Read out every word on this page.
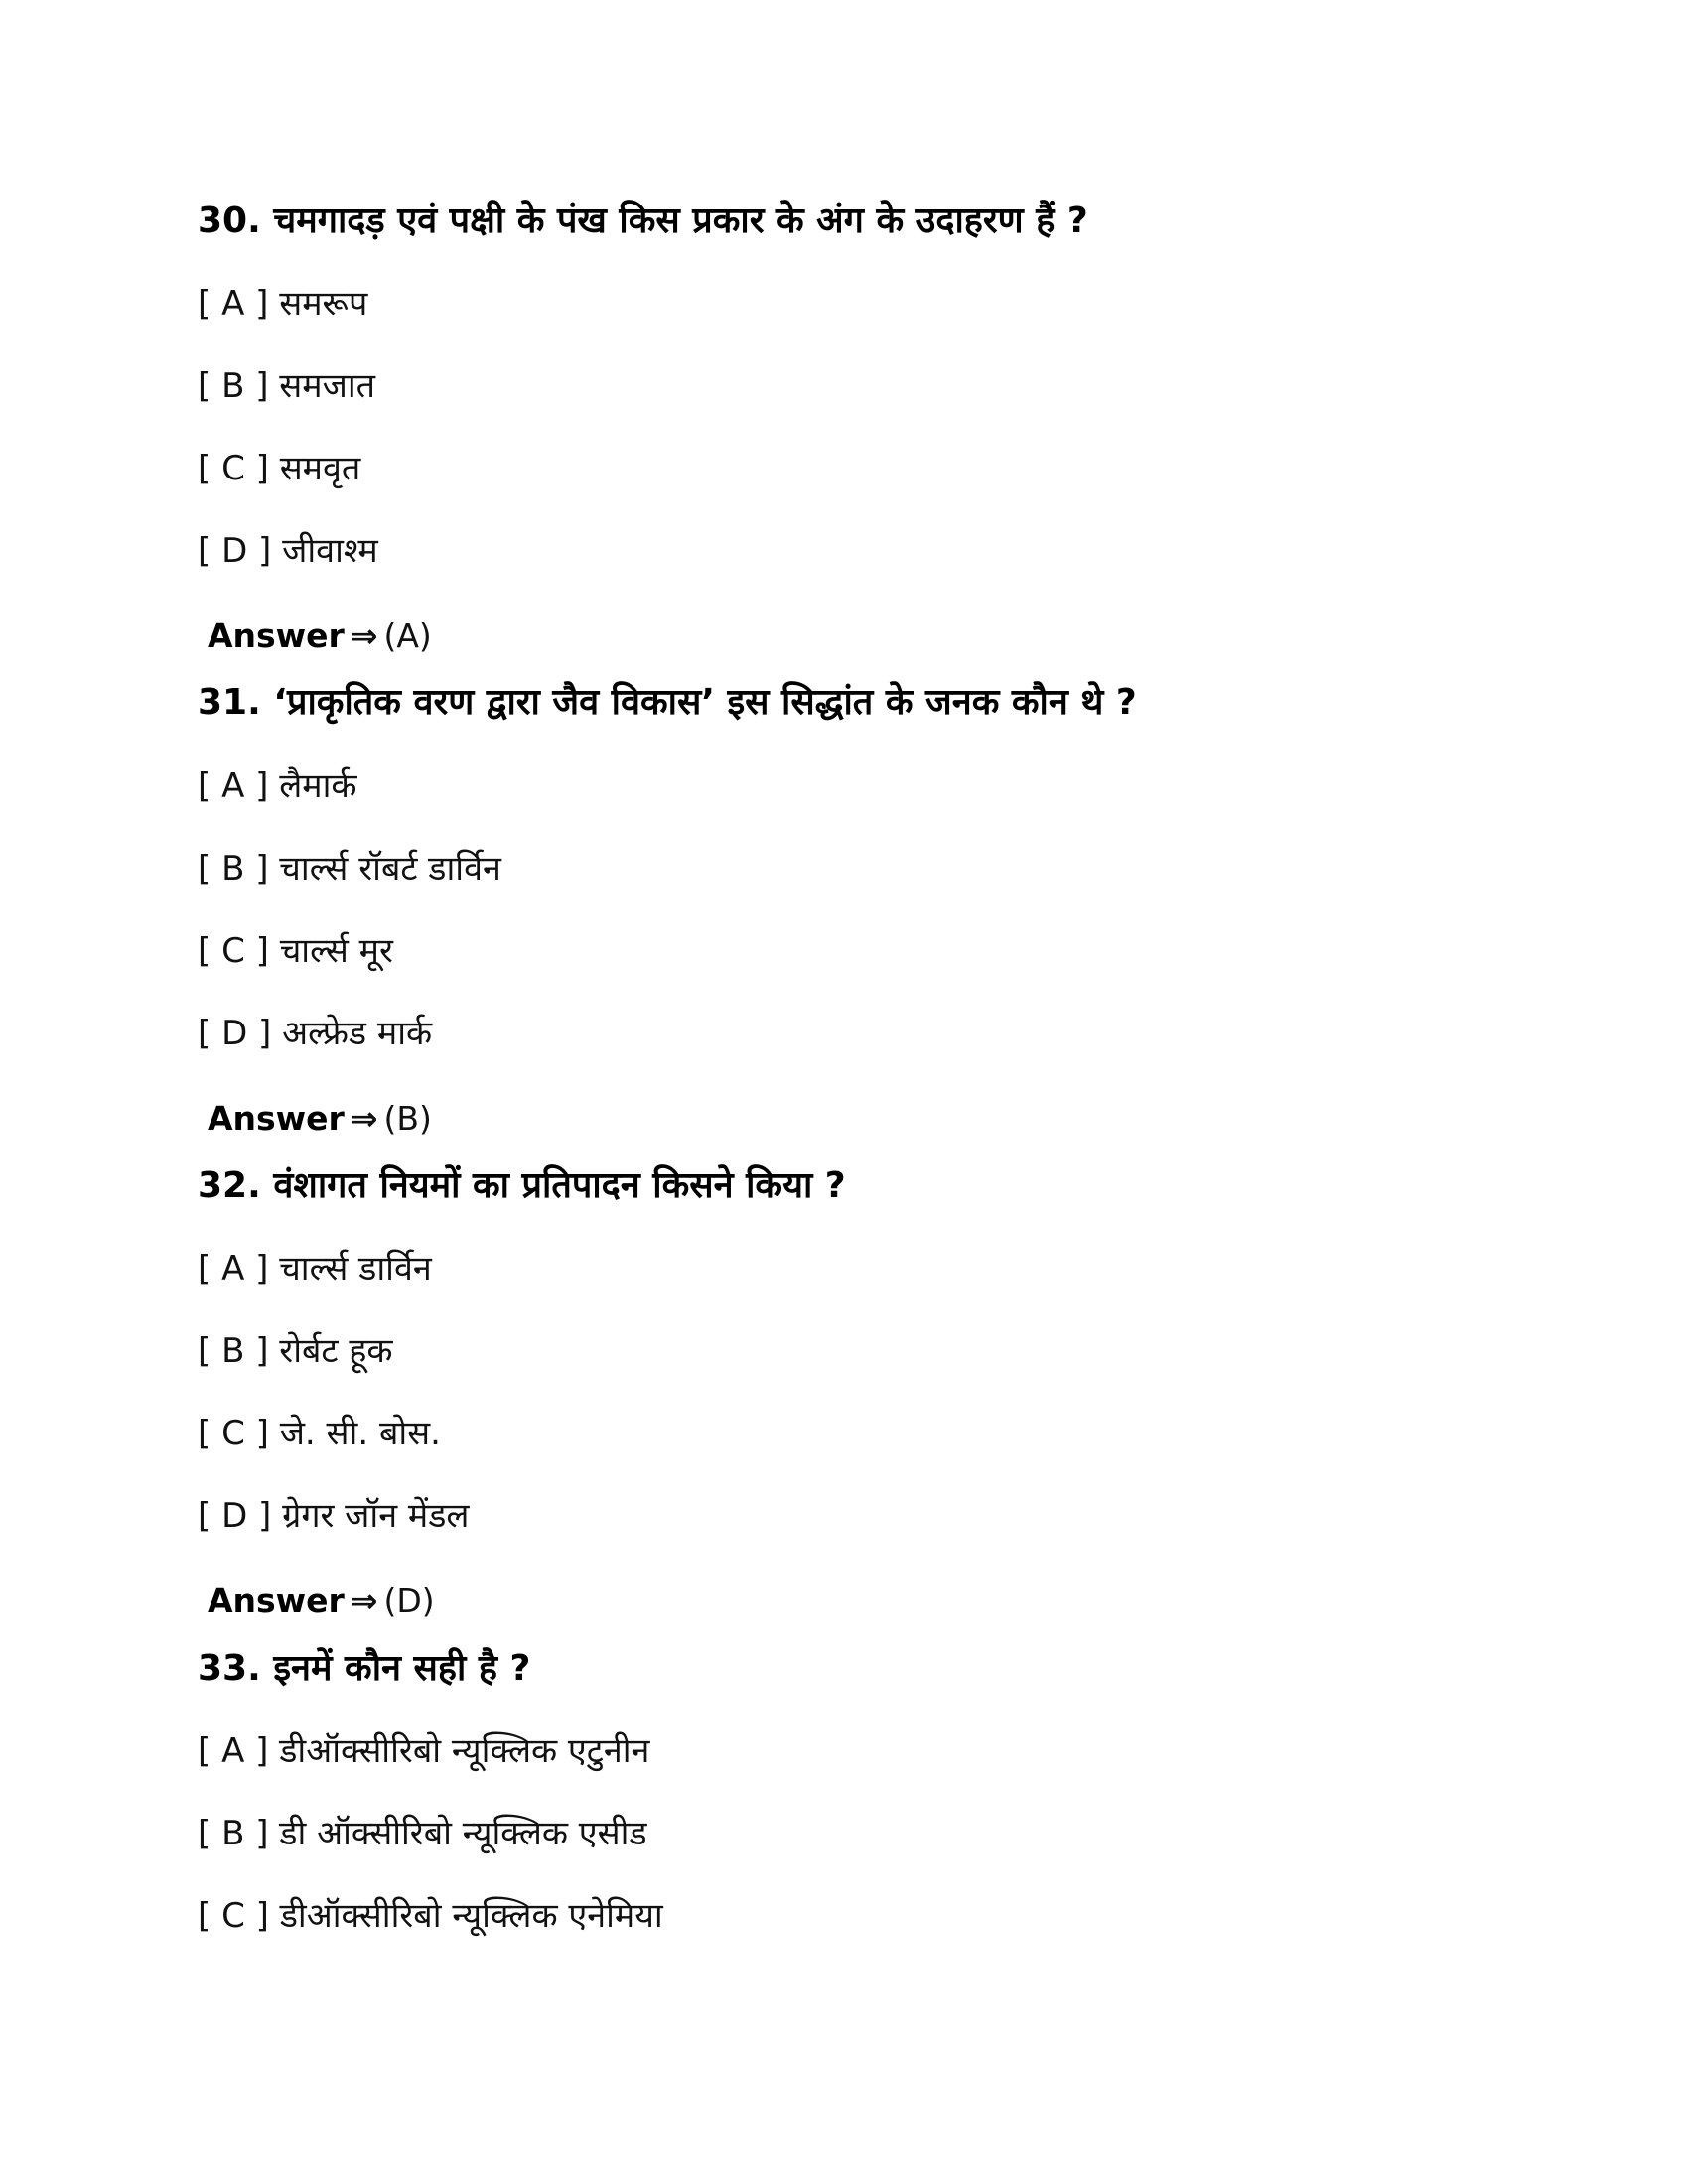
30. चमगादड़ एवं पक्षी के पंख किस प्रकार के अंग के उदाहरण हैं ?
[ A ] समरूप
[ B ] समजात
[ C ] समवृत
[ D ] जीवाश्म
Answer ⇒ (A)
31. ‘प्राकृतिक वरण द्वारा जैव विकास’ इस सिद्धांत के जनक कौन थे ?
[ A ] लैमार्क
[ B ] चार्ल्स रॉबर्ट डार्विन
[ C ] चार्ल्स मूर
[ D ] अल्फ्रेड मार्क
Answer ⇒ (B)
32. वंशागत नियमों का प्रतिपादन किसने किया ?
[ A ] चार्ल्स डार्विन
[ B ] रोर्बट हूक
[ C ] जे. सी. बोस.
[ D ] ग्रेगर जॉन मेंडल
Answer ⇒ (D)
33. इनमें कौन सही है ?
[ A ] डीऑक्सीरिबो न्यूक्लिक एटुनीन
[ B ] डी ऑक्सीरिबो न्यूक्लिक एसीड
[ C ] डीऑक्सीरिबो न्यूक्लिक एनेमिया
